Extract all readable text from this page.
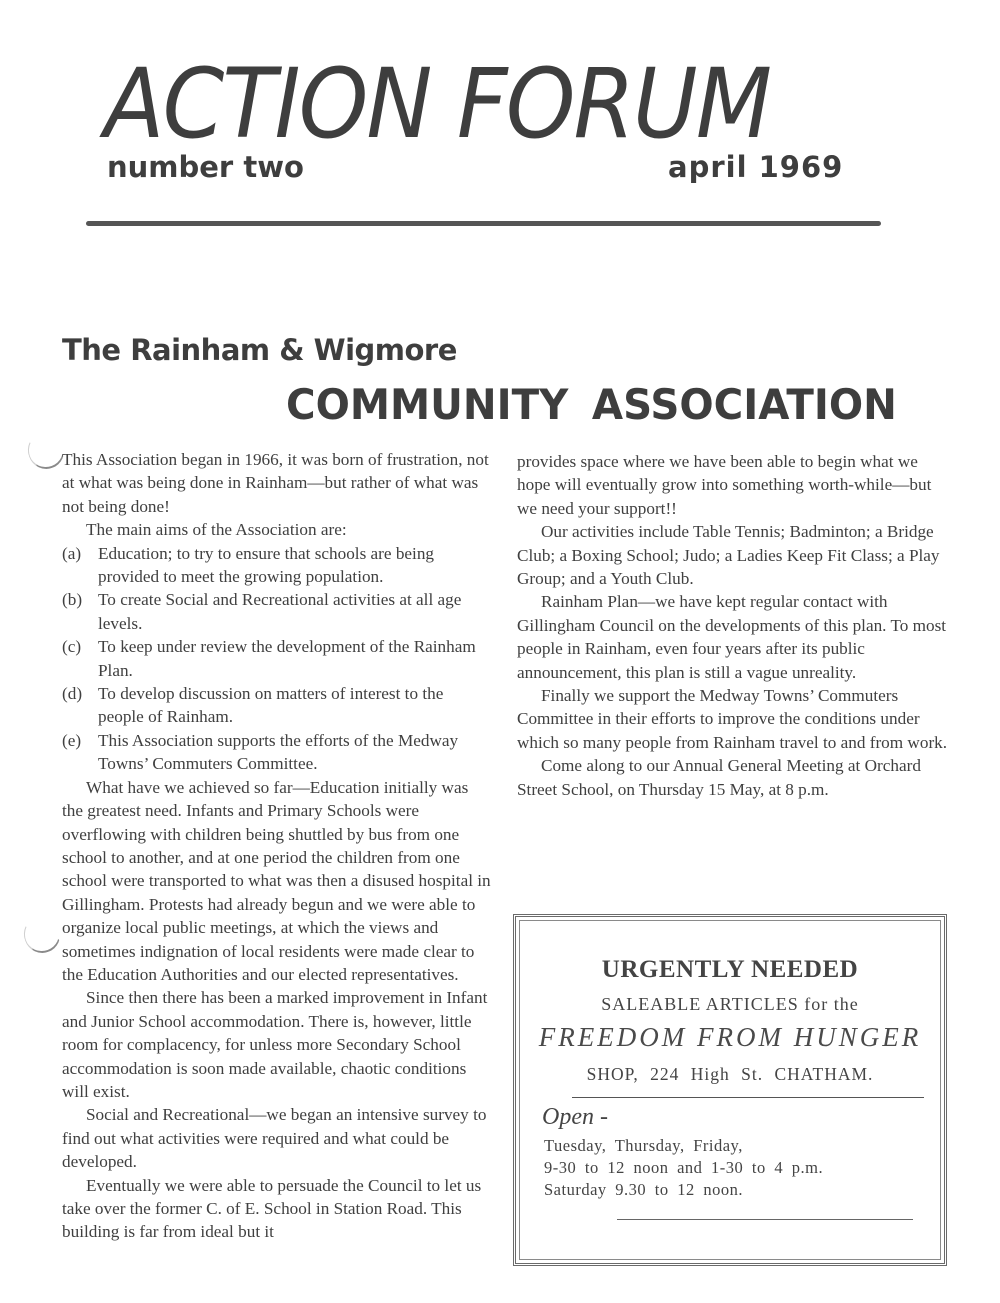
ACTION FORUM
number two	april 1969
The Rainham & Wigmore
COMMUNITY ASSOCIATION

This Association began in 1966, it was born of frustration, not at what was being done in Rainham—but rather of what was not being done!

The main aims of the Association are:

(a) Education; to try to ensure that schools are being provided to meet the growing population.
(b) To create Social and Recreational activities at all age levels.
(c) To keep under review the development of the Rainham Plan.
(d) To develop discussion on matters of interest to the people of Rainham.
(e) This Association supports the efforts of the Medway Towns’ Commuters Committee.

What have we achieved so far—Education initially was the greatest need. Infants and Primary Schools were overflowing with children being shuttled by bus from one school to another, and at one period the children from one school were transported to what was then a disused hospital in Gillingham. Protests had already begun and we were able to organize local public meetings, at which the views and sometimes indignation of local residents were made clear to the Education Authorities and our elected representatives.

Since then there has been a marked improvement in Infant and Junior School accommodation. There is, however, little room for complacency, for unless more Secondary School accommodation is soon made available, chaotic conditions will exist.

Social and Recreational—we began an intensive survey to find out what activities were required and what could be developed.

Eventually we were able to persuade the Council to let us take over the former C. of E. School in Station Road. This building is far from ideal but it

provides space where we have been able to begin what we hope will eventually grow into something worth-while—but we need your support!!

Our activities include Table Tennis; Badminton; a Bridge Club; a Boxing School; Judo; a Ladies Keep Fit Class; a Play Group; and a Youth Club.

Rainham Plan—we have kept regular contact with Gillingham Council on the developments of this plan. To most people in Rainham, even four years after its public announcement, this plan is still a vague unreality.

Finally we support the Medway Towns’ Commuters Committee in their efforts to improve the conditions under which so many people from Rainham travel to and from work.

Come along to our Annual General Meeting at Orchard Street School, on Thursday 15 May, at 8 p.m.

URGENTLY NEEDED
SALEABLE ARTICLES for the
FREEDOM FROM HUNGER
SHOP, 224 High St. CHATHAM.
Open -
Tuesday, Thursday, Friday,
9-30 to 12 noon and 1-30 to 4 p.m.
Saturday 9.30 to 12 noon.
